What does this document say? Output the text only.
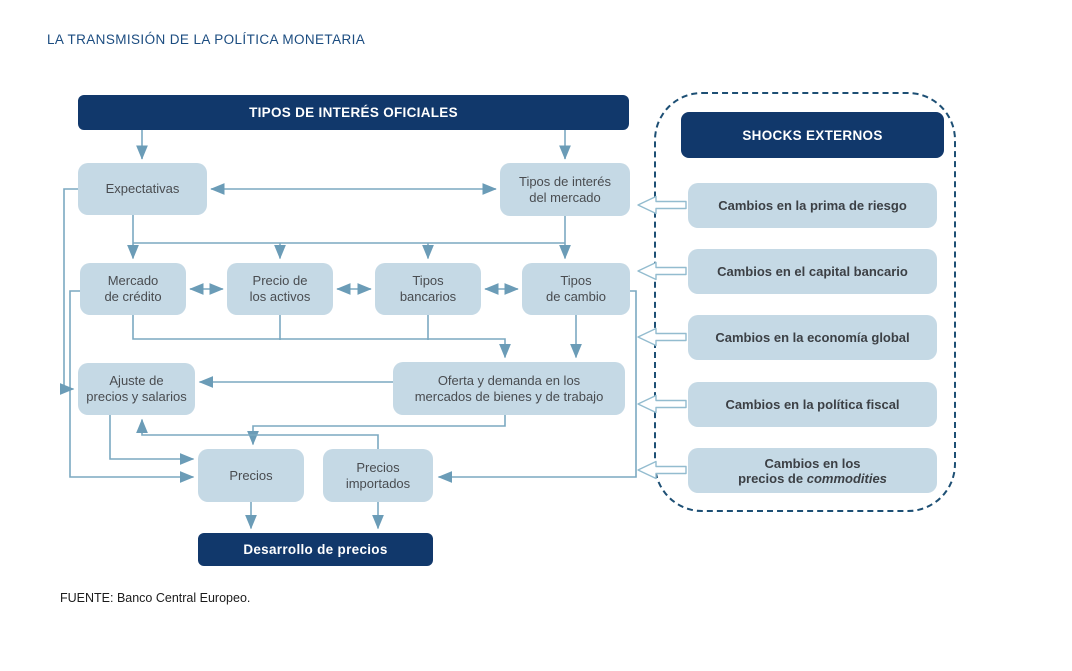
LA TRANSMISIÓN DE LA POLÍTICA MONETARIA
TIPOS DE INTERÉS OFICIALES
Expectativas	Tipos de interés
del mercado
Mercado
de crédito
Precio de
los activos
Tipos
bancarios
Tipos
de cambio
Ajuste de
precios y salarios
Oferta y demanda en los
mercados de bienes y de trabajo
Precios
Precios
importados
Desarrollo de precios
SHOCKS EXTERNOS
Cambios en la prima de riesgo
Cambios en el capital bancario
Cambios en la economía global
Cambios en la política fiscal
Cambios en los
precios de commodities
FUENTE: Banco Central Europeo.
